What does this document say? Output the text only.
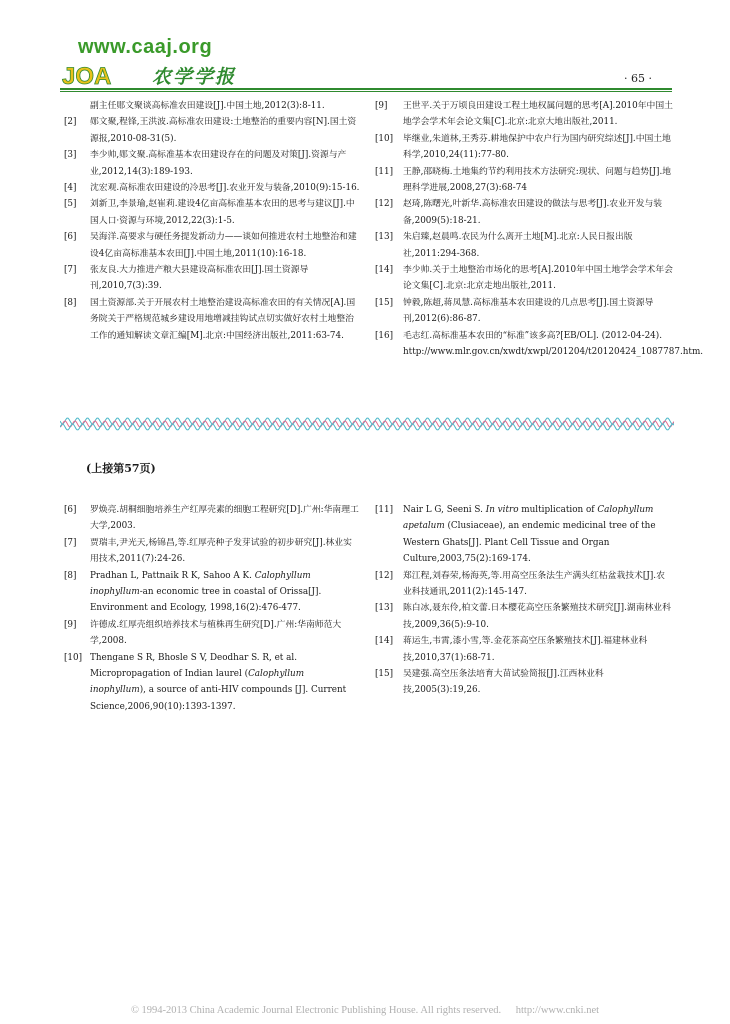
www.caaj.org
JOA 农学学报	· 65 ·
副主任郧文聚谈高标准农田建设[J].中国土地,2012(3):8-11.
[2]	郧文聚,程锋,王洪波.高标准农田建设:土地整治的重要内容[N].国土资源报,2010-08-31(5).
[3]	李少帅,郧文聚.高标准基本农田建设存在的问题及对策[J].资源与产业,2012,14(3):189-193.
[4]	沈宏观.高标准农田建设的冷思考[J].农业开发与装备,2010(9):15-16.
[5]	刘新卫,李景瑜,赵崔莉.建设4亿亩高标准基本农田的思考与建议[J].中国人口·资源与环境,2012,22(3):1-5.
[6]	吴海洋.高要求与硬任务提发新动力——谈如何推进农村土地整治和建设4亿亩高标准基本农田[J].中国土地,2011(10):16-18.
[7]	张友良.大力推进产粮大县建设高标准农田[J].国土资源导刊,2010,7(3):39.
[8]	国土资源部.关于开展农村土地整治建设高标准农田的有关情况[A].国务院关于严格规范城乡建设用地增减挂钩试点切实做好农村土地整治工作的通知解读文章汇编[M].北京:中国经济出版社,2011:63-74.
[9]	王世平.关于万顷良田建设工程土地权属问题的思考[A].2010年中国土地学会学术年会论文集[C].北京:北京大地出版社,2011.
[10]	毕继业,朱道林,王秀芬.耕地保护中农户行为国内研究综述[J].中国土地科学,2010,24(11):77-80.
[11]	王静,邵晓梅.土地集约节约利用技术方法研究:现状、问题与趋势[J].地理科学进展,2008,27(3):68-74
[12]	赵琦,陈曙光,叶新华.高标准农田建设的做法与思考[J].农业开发与装备,2009(5):18-21.
[13]	朱启臻,赵晨鸣.农民为什么离开土地[M].北京:人民日报出版社,2011:294-368.
[14]	李少帅.关于土地整治市场化的思考[A].2010年中国土地学会学术年会论文集[C].北京:北京走地出版社,2011.
[15]	钟毅,陈超,蒋凤慧.高标准基本农田建设的几点思考[J].国土资源导刊,2012(6):86-87.
[16]	毛志红.高标准基本农田的“标准”该多高?[EB/OL]. (2012-04-24). http://www.mlr.gov.cn/xwdt/xwpl/201204/t20120424_1087787.htm.
(上接第57页)
[6]	罗焕亮.胡桐细胞培养生产红厚壳素的细胞工程研究[D].广州:华南理工大学,2003.
[7]	贾瑞丰,尹光天,杨锦昌,等.红厚壳种子发芽试验的初步研究[J].林业实用技术,2011(7):24-26.
[8]	Pradhan L, Pattnaik R K, Sahoo A K. Calophyllum inophyllum-an economic tree in coastal of Orissa[J]. Environment and Ecology, 1998,16(2):476-477.
[9]	许德成.红厚壳组织培养技术与植株再生研究[D].广州:华南师范大学,2008.
[10] Thengane S R, Bhosle S V, Deodhar S. R, et al. Micropropagation of Indian laurel (Calophyllum inophyllum), a source of anti-HIV compounds [J]. Current Science,2006,90(10):1393-1397.
[11]	Nair L G, Seeni S. In vitro multiplication of Calophyllum apetalum (Clusiaceae), an endemic medicinal tree of the Western Ghats[J]. Plant Cell Tissue and Organ Culture,2003,75(2):169-174.
[12]	郑江程,刘春荣,杨海英,等.用高空压条法生产满头红枯盆栽技术[J].农业科技通讯,2011(2):145-147.
[13]	陈白冰,聂东伶,柏文蕾.日本樱花高空压条繁殖技术研究[J].湖南林业科技,2009,36(5):9-10.
[14]	蒋运生,韦霄,漆小雪,等.金花茶高空压条繁殖技术[J].福建林业科技,2010,37(1):68-71.
[15]	吴建强.高空压条法培育大苗试验简报[J].江西林业科技,2005(3):19,26.
© 1994-2013 China Academic Journal Electronic Publishing House. All rights reserved. http://www.cnki.net
